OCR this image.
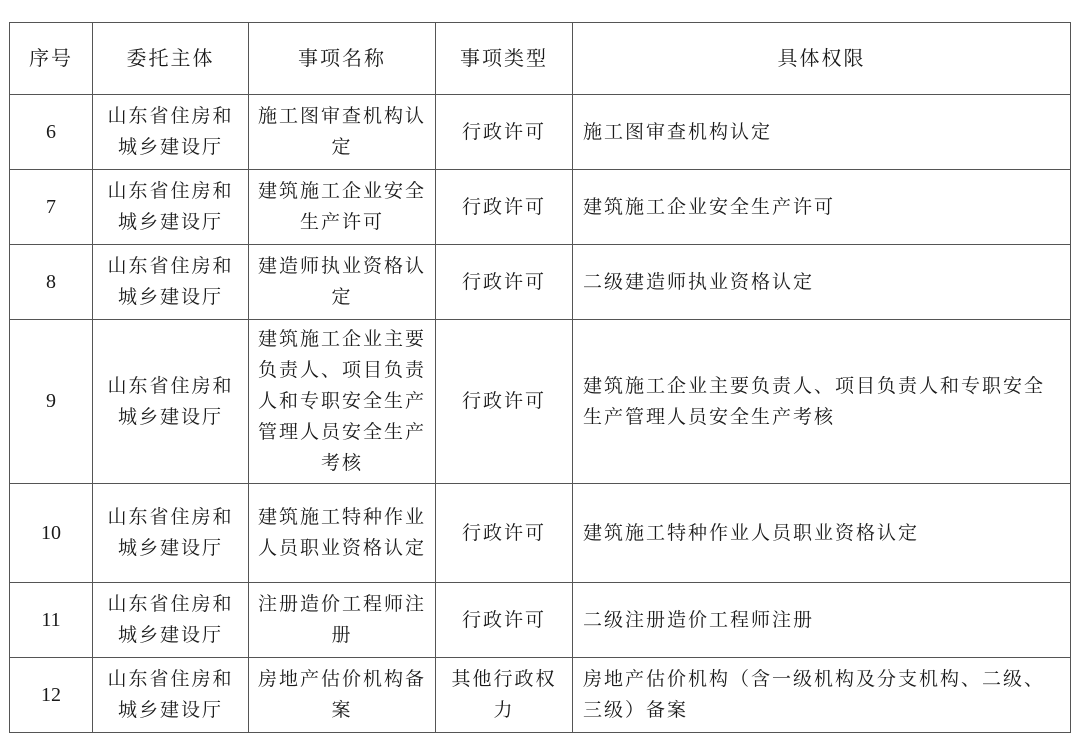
序号	委托主体	事项名称	事项类型	具体权限
6	山东省住房和城乡建设厅	施工图审查机构认定	行政许可	施工图审查机构认定
7	山东省住房和城乡建设厅	建筑施工企业安全生产许可	行政许可	建筑施工企业安全生产许可
8	山东省住房和城乡建设厅	建造师执业资格认定	行政许可	二级建造师执业资格认定
9	山东省住房和城乡建设厅	建筑施工企业主要负责人、项目负责人和专职安全生产管理人员安全生产考核	行政许可	建筑施工企业主要负责人、项目负责人和专职安全生产管理人员安全生产考核
10	山东省住房和城乡建设厅	建筑施工特种作业人员职业资格认定	行政许可	建筑施工特种作业人员职业资格认定
11	山东省住房和城乡建设厅	注册造价工程师注册	行政许可	二级注册造价工程师注册
12	山东省住房和城乡建设厅	房地产估价机构备案	其他行政权力	房地产估价机构（含一级机构及分支机构、二级、三级）备案
